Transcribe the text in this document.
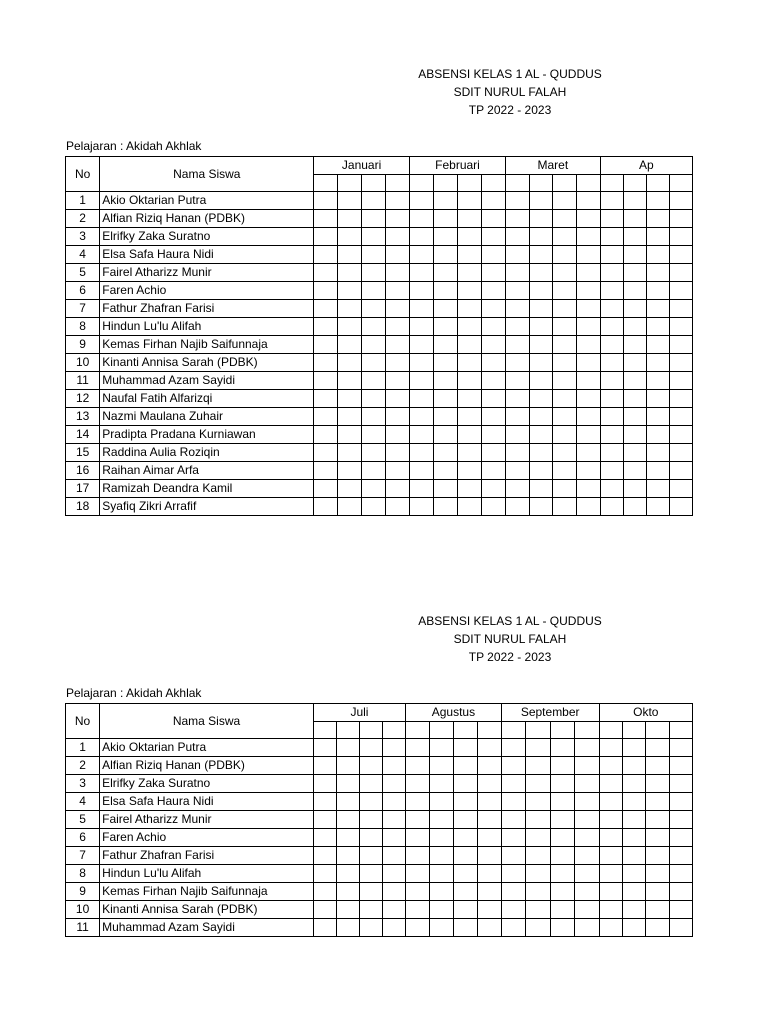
ABSENSI KELAS 1 AL - QUDDUS
SDIT NURUL FALAH
TP 2022 - 2023
Pelajaran : Akidah Akhlak
No	Nama Siswa	Januari				Februari				Maret				Ap			

1	Akio Oktarian Putra																
2	Alfian Riziq Hanan (PDBK)																
3	Elrifky Zaka Suratno																
4	Elsa Safa Haura Nidi																
5	Fairel Atharizz Munir																
6	Faren Achio																
7	Fathur Zhafran Farisi																
8	Hindun Lu'lu Alifah																
9	Kemas Firhan Najib Saifunnaja																
10	Kinanti Annisa Sarah (PDBK)																
11	Muhammad Azam Sayidi																
12	Naufal Fatih Alfarizqi																
13	Nazmi Maulana Zuhair																
14	Pradipta Pradana Kurniawan																
15	Raddina Aulia Roziqin																
16	Raihan Aimar Arfa																
17	Ramizah Deandra Kamil																
18	Syafiq Zikri Arrafif																
ABSENSI KELAS 1 AL - QUDDUS
SDIT NURUL FALAH
TP 2022 - 2023
Pelajaran : Akidah Akhlak
No	Nama Siswa	Juli				Agustus				September				Okto			

1	Akio Oktarian Putra																
2	Alfian Riziq Hanan (PDBK)																
3	Elrifky Zaka Suratno																
4	Elsa Safa Haura Nidi																
5	Fairel Atharizz Munir																
6	Faren Achio																
7	Fathur Zhafran Farisi																
8	Hindun Lu'lu Alifah																
9	Kemas Firhan Najib Saifunnaja																
10	Kinanti Annisa Sarah (PDBK)																
11	Muhammad Azam Sayidi																
